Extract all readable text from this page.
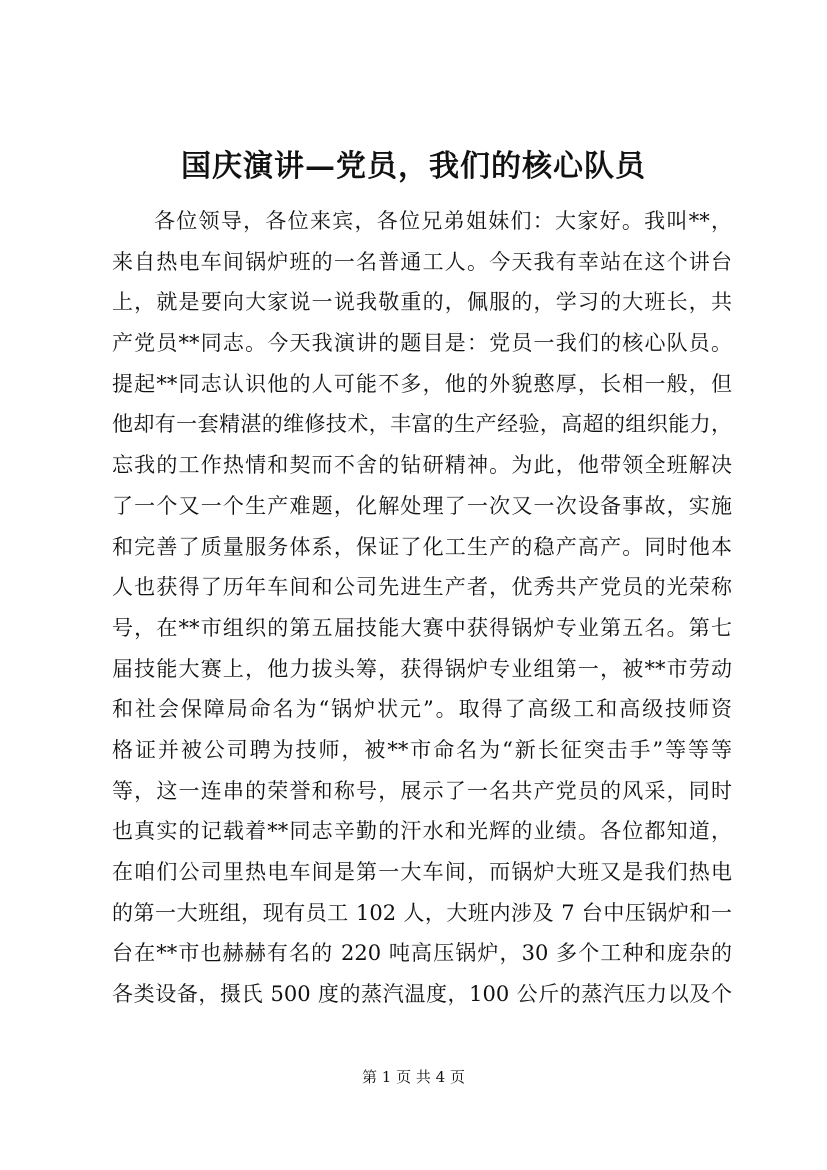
国庆演讲—党员，我们的核心队员
各位领导，各位来宾，各位兄弟姐妹们：大家好。我叫**，
来自热电车间锅炉班的一名普通工人。今天我有幸站在这个讲台
上，就是要向大家说一说我敬重的，佩服的，学习的大班长，共
产党员**同志。今天我演讲的题目是：党员一我们的核心队员。
提起**同志认识他的人可能不多，他的外貌憨厚，长相一般，但
他却有一套精湛的维修技术，丰富的生产经验，高超的组织能力，
忘我的工作热情和契而不舍的钻研精神。为此，他带领全班解决
了一个又一个生产难题，化解处理了一次又一次设备事故，实施
和完善了质量服务体系，保证了化工生产的稳产高产。同时他本
人也获得了历年车间和公司先进生产者，优秀共产党员的光荣称
号，在**市组织的第五届技能大赛中获得锅炉专业第五名。第七
届技能大赛上，他力拔头筹，获得锅炉专业组第一，被**市劳动
和社会保障局命名为“锅炉状元”。取得了高级工和高级技师资
格证并被公司聘为技师，被**市命名为“新长征突击手”等等等
等，这一连串的荣誉和称号，展示了一名共产党员的风采，同时
也真实的记载着**同志辛勤的汗水和光辉的业绩。各位都知道，
在咱们公司里热电车间是第一大车间，而锅炉大班又是我们热电
的第一大班组，现有员工 102 人，大班内涉及 7 台中压锅炉和一
台在**市也赫赫有名的 220 吨高压锅炉，30 多个工种和庞杂的
各类设备，摄氏 500 度的蒸汽温度，100 公斤的蒸汽压力以及个
第 1 页 共 4 页
